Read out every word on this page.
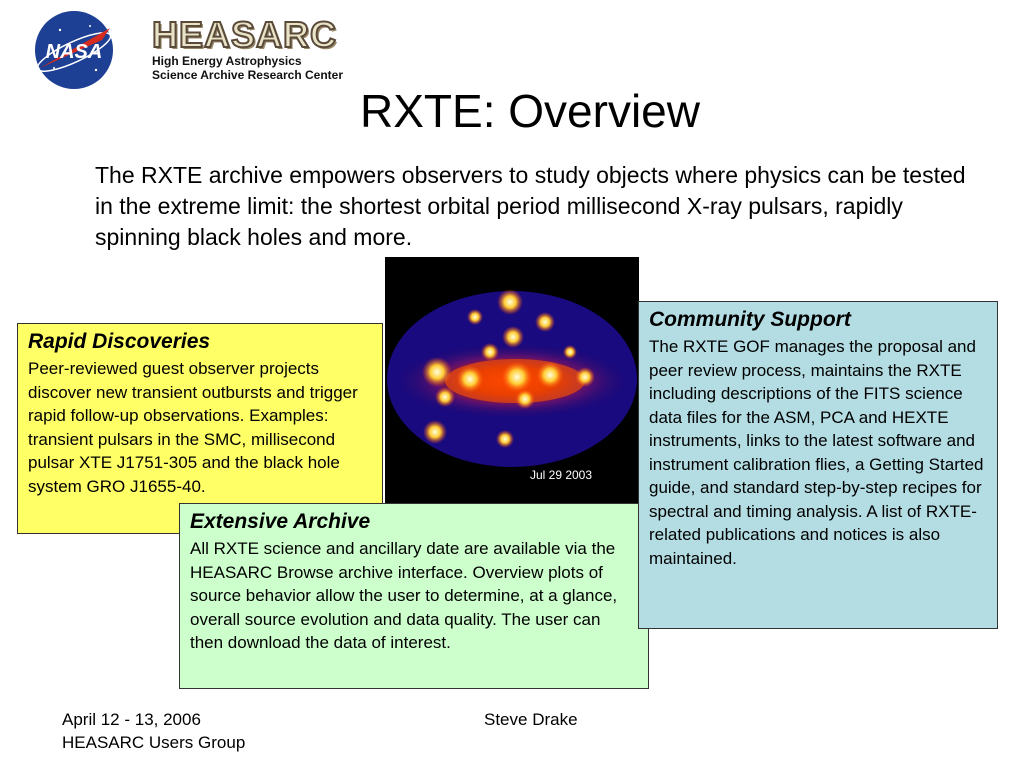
NASA HEASARC
High Energy Astrophysics
Science Archive Research Center
RXTE: Overview
The RXTE archive empowers observers to study objects where physics can be tested in the extreme limit: the shortest orbital period millisecond X-ray pulsars, rapidly spinning black holes and more.
Jul 29 2003
Rapid Discoveries

Peer-reviewed guest observer projects discover new transient outbursts and trigger rapid follow-up observations. Examples: transient pulsars in the SMC, millisecond pulsar XTE J1751-305 and the black hole system GRO J1655-40.

Extensive Archive

All RXTE science and ancillary date are available via the HEASARC Browse archive interface. Overview plots of source behavior allow the user to determine, at a glance, overall source evolution and data quality. The user can then download the data of interest.

Community Support

The RXTE GOF manages the proposal and peer review process, maintains the RXTE including descriptions of the FITS science data files for the ASM, PCA and HEXTE instruments, links to the latest software and instrument calibration flies, a Getting Started guide, and standard step-by-step recipes for spectral and timing analysis. A list of RXTE-related publications and notices is also maintained.

April 12 - 13, 2006
HEASARC Users Group
Steve Drake
